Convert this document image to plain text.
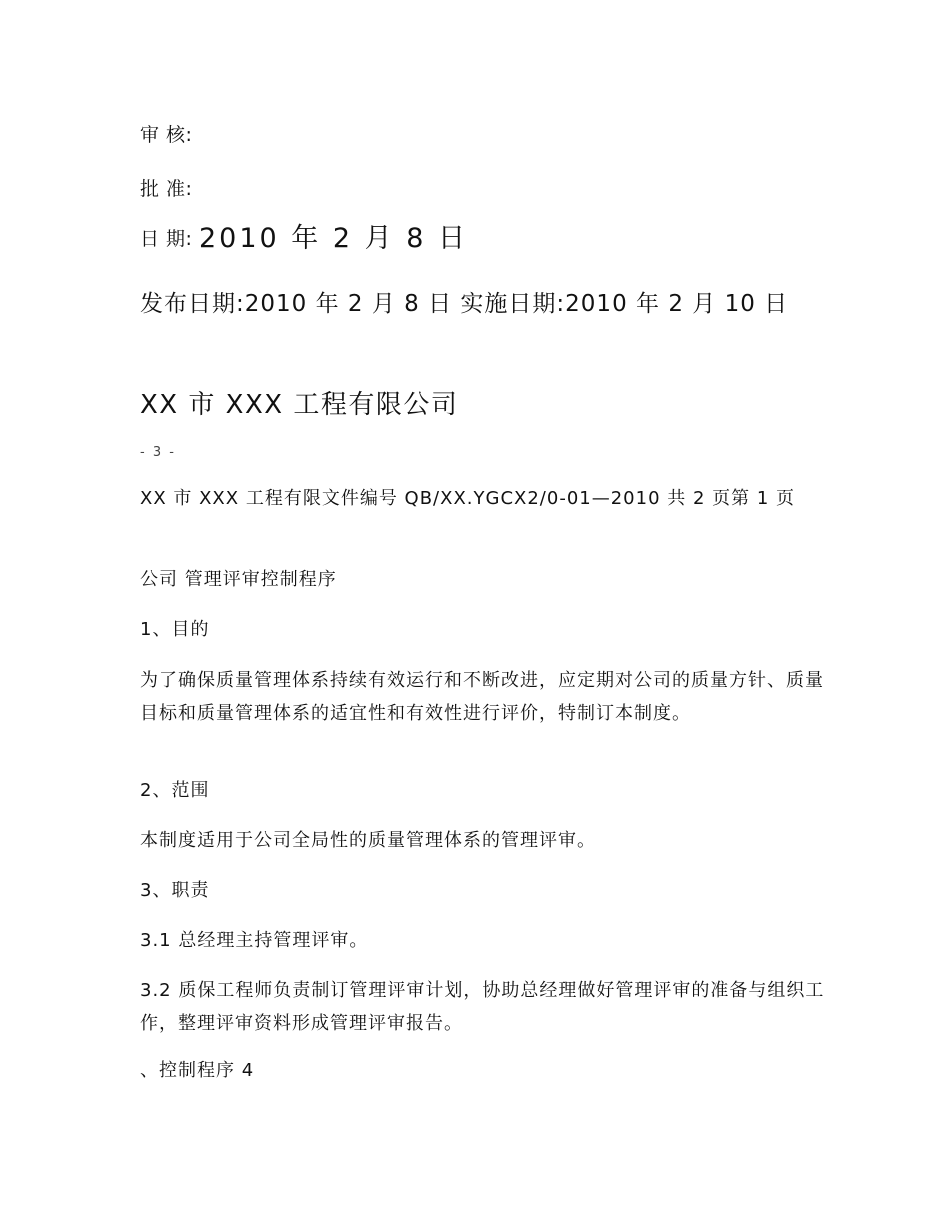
审 核:
批 准:
日 期: 2010 年 2 月 8 日
发布日期:2010 年 2 月 8 日 实施日期:2010 年 2 月 10 日
XX 市 XXX 工程有限公司
- 3 -
XX 市 XXX 工程有限文件编号 QB/XX.YGCX2/0-01—2010 共 2 页第 1 页
公司 管理评审控制程序
1、目的
为了确保质量管理体系持续有效运行和不断改进，应定期对公司的质量方针、质量目标和质量管理体系的适宜性和有效性进行评价，特制订本制度。
2、范围
本制度适用于公司全局性的质量管理体系的管理评审。
3、职责
3.1 总经理主持管理评审。
3.2 质保工程师负责制订管理评审计划，协助总经理做好管理评审的准备与组织工作，整理评审资料形成管理评审报告。
、控制程序 4
